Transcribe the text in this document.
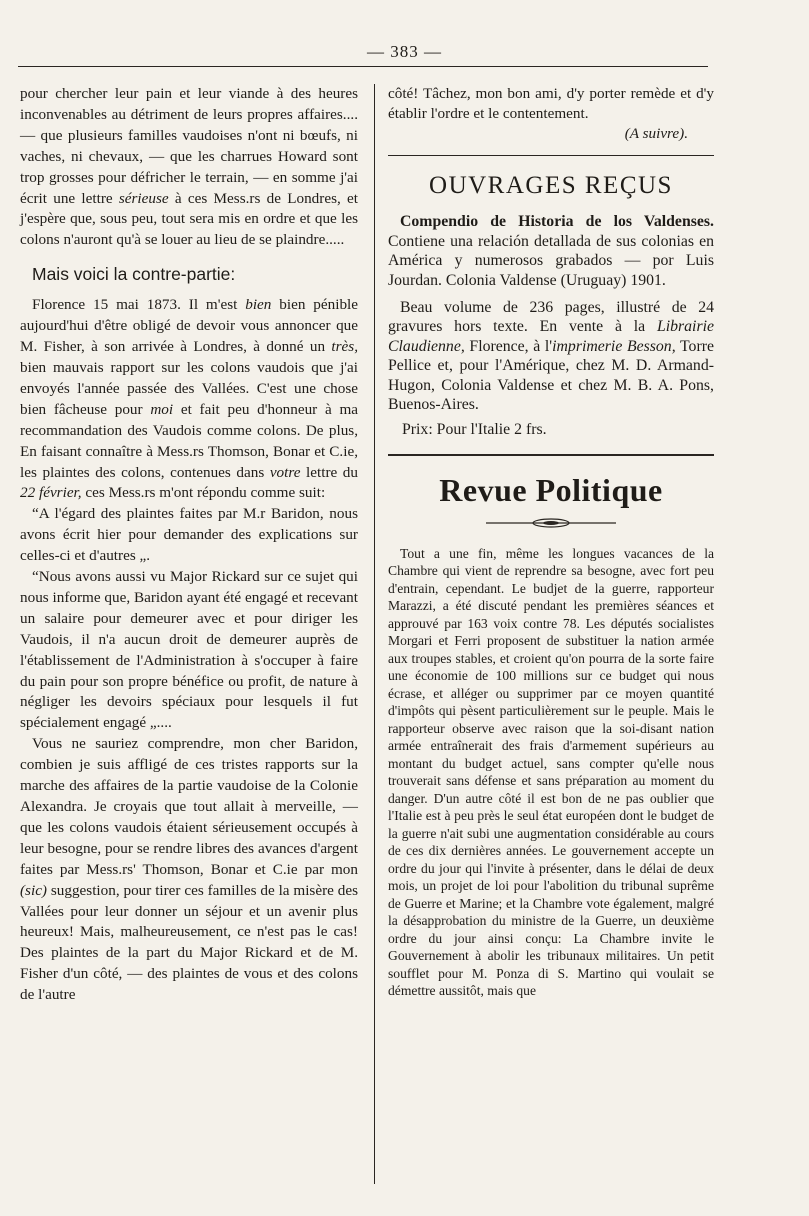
— 383 —

pour chercher leur pain et leur viande à des heures inconvenables au détriment de leurs propres affaires.... — que plusieurs familles vaudoises n'ont ni bœufs, ni vaches, ni chevaux, — que les charrues Howard sont trop grosses pour défricher le terrain, — en somme j'ai écrit une lettre sérieuse à ces Mess.rs de Londres, et j'espère que, sous peu, tout sera mis en ordre et que les colons n'auront qu'à se louer au lieu de se plaindre.....

Mais voici la contre-partie:

Florence 15 mai 1873. Il m'est bien bien pénible aujourd'hui d'être obligé de devoir vous annoncer que M. Fisher, à son arrivée à Londres, à donné un très, bien mauvais rapport sur les colons vaudois que j'ai envoyés l'année passée des Vallées. C'est une chose bien fâcheuse pour moi et fait peu d'honneur à ma recommandation des Vaudois comme colons. De plus, En faisant connaître à Mess.rs Thomson, Bonar et C.ie, les plaintes des colons, contenues dans votre lettre du 22 février, ces Mess.rs m'ont répondu comme suit:

“A l'égard des plaintes faites par M.r Baridon, nous avons écrit hier pour demander des explications sur celles-ci et d'autres „.

“Nous avons aussi vu Major Rickard sur ce sujet qui nous informe que, Baridon ayant été engagé et recevant un salaire pour demeurer avec et pour diriger les Vaudois, il n'a aucun droit de demeurer auprès de l'établissement de l'Administration à s'occuper à faire du pain pour son propre bénéfice ou profit, de nature à négliger les devoirs spéciaux pour lesquels il fut spécialement engagé „....

Vous ne sauriez comprendre, mon cher Baridon, combien je suis affligé de ces tristes rapports sur la marche des affaires de la partie vaudoise de la Colonie Alexandra. Je croyais que tout allait à merveille, — que les colons vaudois étaient sérieusement occupés à leur besogne, pour se rendre libres des avances d'argent faites par Mess.rs' Thomson, Bonar et C.ie par mon (sic) suggestion, pour tirer ces familles de la misère des Vallées pour leur donner un séjour et un avenir plus heureux! Mais, malheureusement, ce n'est pas le cas! Des plaintes de la part du Major Rickard et de M. Fisher d'un côté, — des plaintes de vous et des colons de l'autre

côté! Tâchez, mon bon ami, d'y porter remède et d'y établir l'ordre et le contentement.

(A suivre).

OUVRAGES REÇUS

Compendio de Historia de los Valdenses. Contiene una relación detallada de sus colonias en América y numerosos grabados — por Luis Jourdan. Colonia Valdense (Uruguay) 1901.

Beau volume de 236 pages, illustré de 24 gravures hors texte. En vente à la Librairie Claudienne, Florence, à l'imprimerie Besson, Torre Pellice et, pour l'Amérique, chez M. D. Armand-Hugon, Colonia Valdense et chez M. B. A. Pons, Buenos-Aires.

Prix: Pour l'Italie 2 frs.

Revue Politique

Tout a une fin, même les longues vacances de la Chambre qui vient de reprendre sa besogne, avec fort peu d'entrain, cependant. Le budjet de la guerre, rapporteur Marazzi, a été discuté pendant les premières séances et approuvé par 163 voix contre 78. Les députés socialistes Morgari et Ferri proposent de substituer la nation armée aux troupes stables, et croient qu'on pourra de la sorte faire une économie de 100 millions sur ce budget qui nous écrase, et alléger ou supprimer par ce moyen quantité d'impôts qui pèsent particulièrement sur le peuple. Mais le rapporteur observe avec raison que la soi-disant nation armée entraînerait des frais d'armement supérieurs au montant du budget actuel, sans compter qu'elle nous trouverait sans défense et sans préparation au moment du danger. D'un autre côté il est bon de ne pas oublier que l'Italie est à peu près le seul état européen dont le budget de la guerre n'ait subi une augmentation considérable au cours de ces dix dernières années. Le gouvernement accepte un ordre du jour qui l'invite à présenter, dans le délai de deux mois, un projet de loi pour l'abolition du tribunal suprême de Guerre et Marine; et la Chambre vote également, malgré la désapprobation du ministre de la Guerre, un deuxième ordre du jour ainsi conçu: La Chambre invite le Gouvernement à abolir les tribunaux militaires. Un petit soufflet pour M. Ponza di S. Martino qui voulait se démettre aussitôt, mais que
